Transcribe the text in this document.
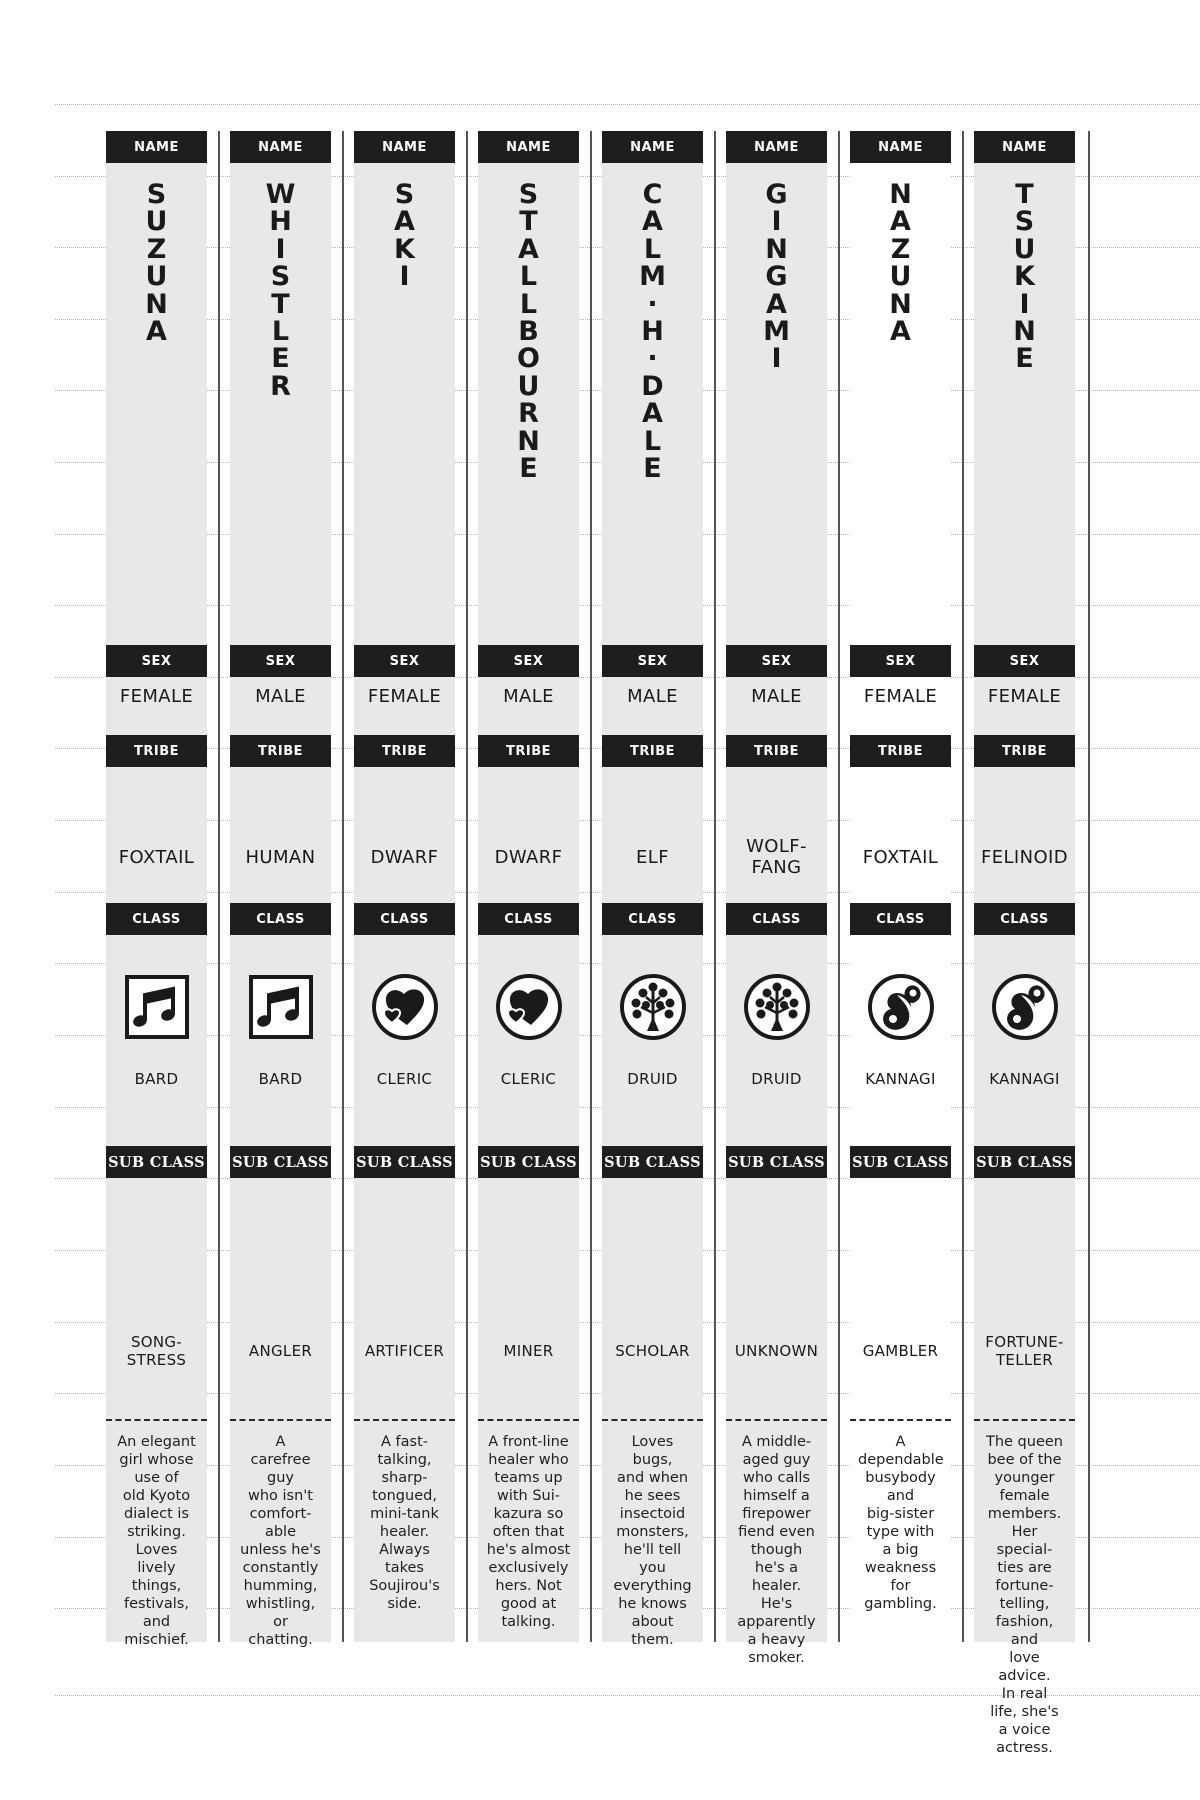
NAME
SEX
TRIBE
CLASS
SUB CLASS
S
U
Z
U
N
A
FEMALE
FOXTAIL
BARD
SONG-
STRESS
An elegant
girl whose
use of
old Kyoto
dialect is
striking.
Loves
lively
things,
festivals,
and
mischief.
NAME
SEX
TRIBE
CLASS
SUB CLASS
W
H
I
S
T
L
E
R
MALE
HUMAN
BARD
ANGLER
A
carefree
guy
who isn't
comfort-
able
unless he's
constantly
humming,
whistling, or
chatting.
NAME
SEX
TRIBE
CLASS
SUB CLASS
S
A
K
I
FEMALE
DWARF
CLERIC
ARTIFICER
A fast-
talking,
sharp-
tongued,
mini-tank
healer.
Always
takes
Soujirou's
side.
NAME
SEX
TRIBE
CLASS
SUB CLASS
S
T
A
L
L
B
O
U
R
N
E
MALE
DWARF
CLERIC
MINER
A front-line
healer who
teams up
with Sui-
kazura so
often that
he's almost
exclusively
hers. Not
good at
talking.
NAME
SEX
TRIBE
CLASS
SUB CLASS
C
A
L
M
·
H
·
D
A
L
E
MALE
ELF
DRUID
SCHOLAR
Loves bugs,
and when
he sees
insectoid
monsters,
he'll tell you
everything
he knows
about them.
NAME
SEX
TRIBE
CLASS
SUB CLASS
G
I
N
G
A
M
I
MALE
WOLF-
FANG
DRUID
UNKNOWN
A middle-
aged guy
who calls
himself a
firepower
fiend even
though
he's a
healer. He's
apparently
a heavy
smoker.
NAME
SEX
TRIBE
CLASS
SUB CLASS
N
A
Z
U
N
A
FEMALE
FOXTAIL
KANNAGI
GAMBLER
A
dependable
busybody
and
big-sister
type with
a big
weakness
for
gambling.
NAME
SEX
TRIBE
CLASS
SUB CLASS
T
S
U
K
I
N
E
FEMALE
FELINOID
KANNAGI
FORTUNE-
TELLER
The queen
bee of the
younger
female
members.
Her special-
ties are
fortune-
telling,
fashion, and
love advice.
In real
life, she's
a voice
actress.
